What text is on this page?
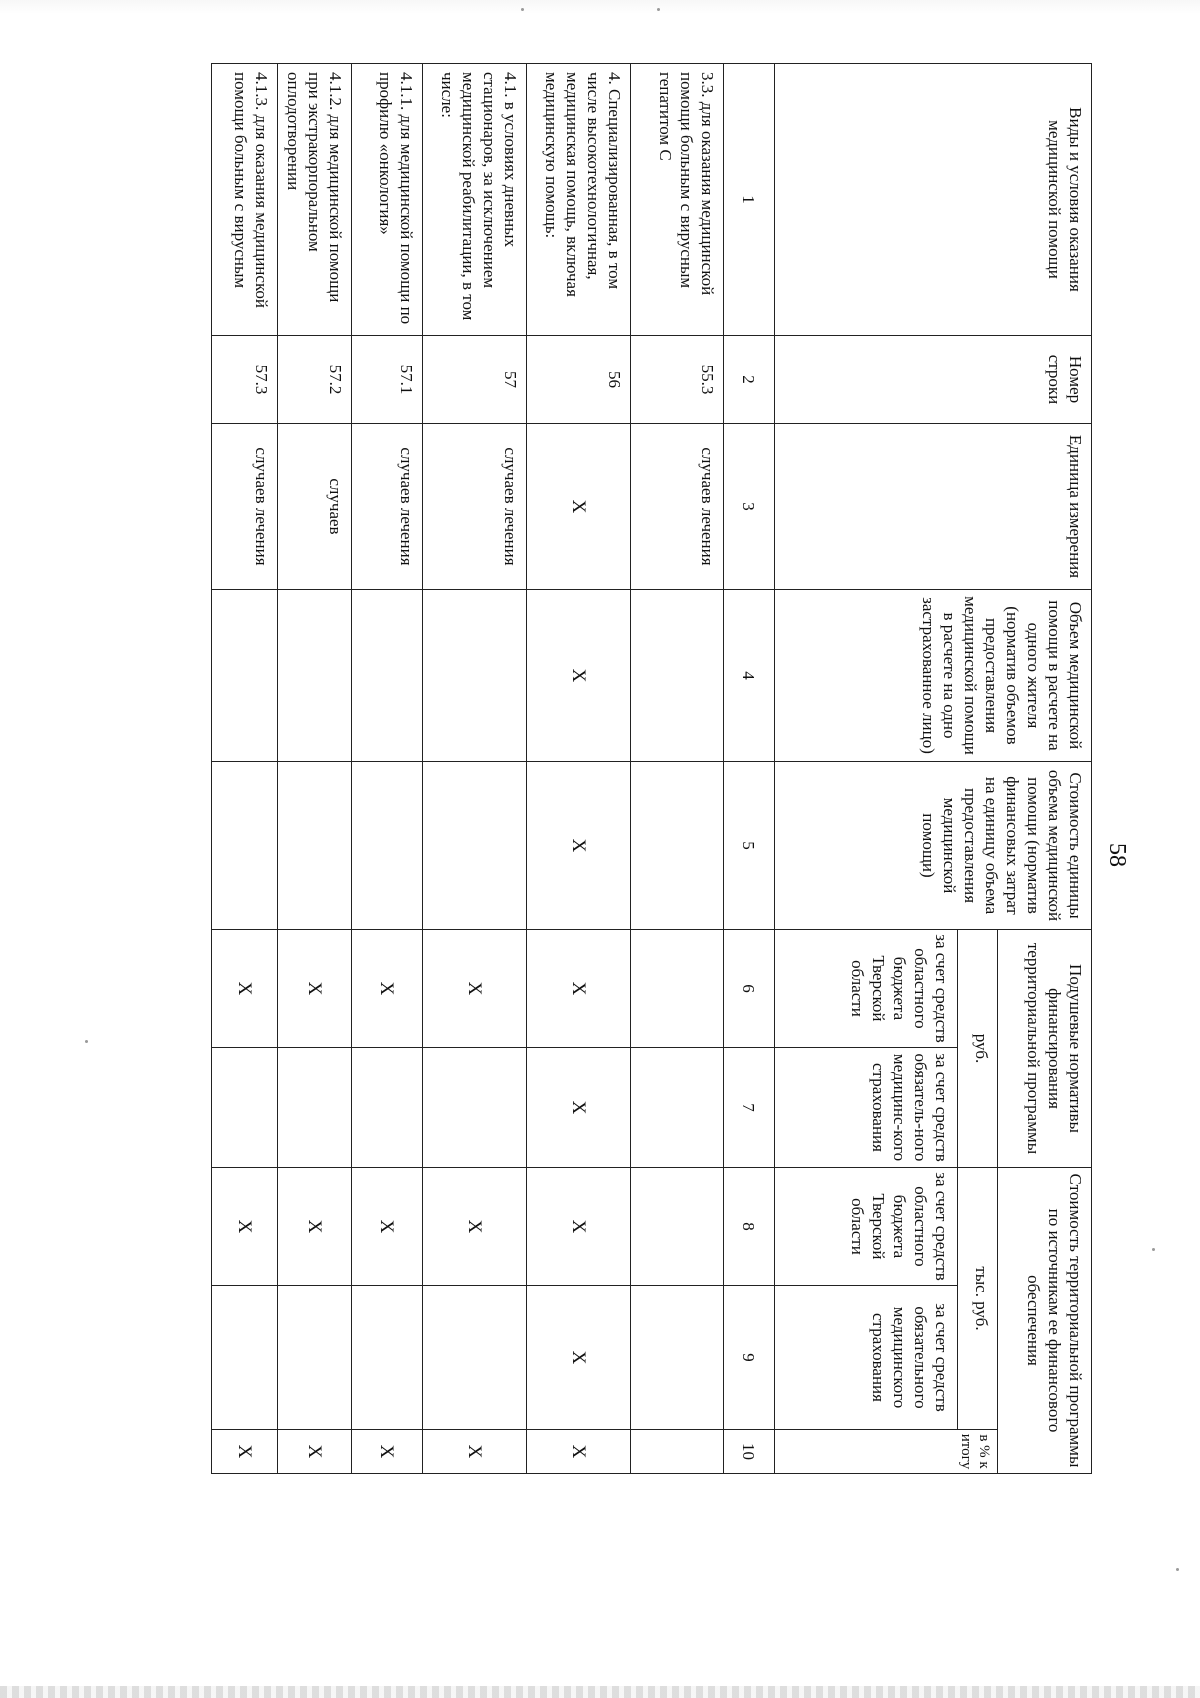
58
Виды и условия оказания медицинской помощи	Номер строки	Единица измерения	Объем медицинской помощи в расчете на одного жителя (норматив объемов предоставления медицинской помощи в расчете на одно застрахованное лицо)	Стоимость единицы объема медицинской помощи (норматив финансовых затрат на единицу объема предоставления медицинской помощи)	Подушевые нормативы финансирования территориальной программы		Стоимость территориальной программы по источникам ее финансового обеспечения		
					руб.		тыс. руб.		в % к итогу
					за счет средств областного бюджета Тверской области	за счет средств обязатель-ного медицинс-кого страхования	за счет средств областного бюджета Тверской области	за счет средств обязательного медицинского страхования	
1	2	3	4	5	6	7	8	9	10
3.3. для оказания медицинской помощи больным с вирусным гепатитом С	55.3	случаев лечения							
4. Специализированная, в том числе высокотехнологичная, медицинская помощь, включая медицинскую помощь:	56	Х	Х	Х	Х	Х	Х	Х	Х
4.1. в условиях дневных стационаров, за исключением медицинской реабилитации, в том числе:	57	случаев лечения			Х		Х		Х
4.1.1. для медицинской помощи по профилю «онкология»	57.1	случаев лечения			Х		Х		Х
4.1.2. для медицинской помощи при экстракорпоральном оплодотворении	57.2	случаев			Х		Х		Х
4.1.3. для оказания медицинской помощи больным с вирусным	57.3	случаев лечения			Х		Х		Х
